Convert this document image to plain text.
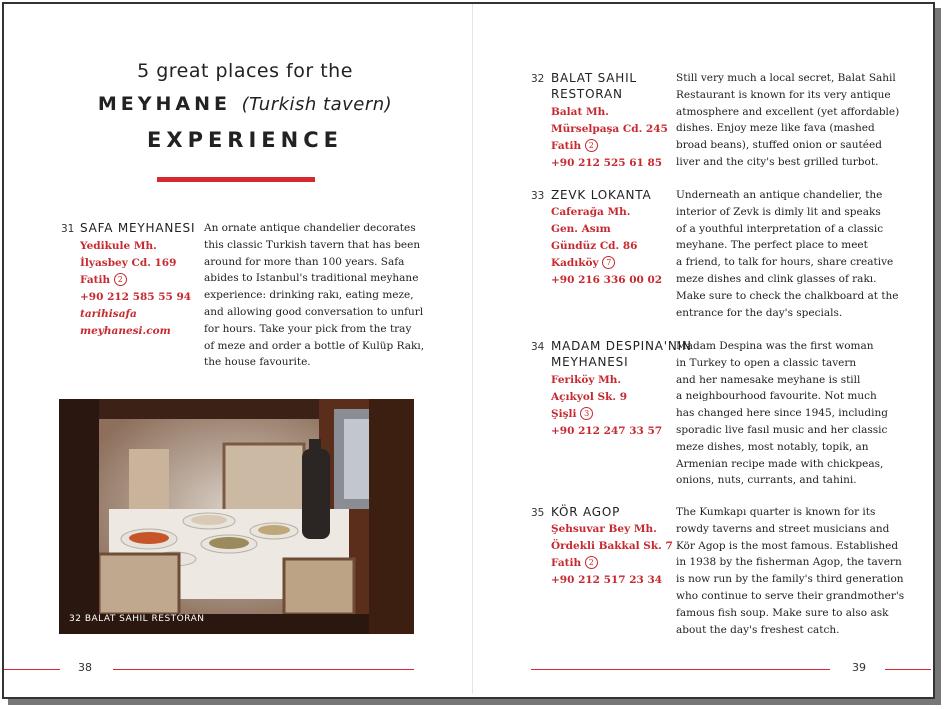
5 great places for the
MEYHANE (Turkish tavern)
EXPERIENCE
31 SAFA MEYHANESI
Yedikule Mh.
İlyasbey Cd. 169
Fatih 2
+90 212 585 55 94
tarihisafa
meyhanesi.com
An ornate antique chandelier decorates
this classic Turkish tavern that has been
around for more than 100 years. Safa
abides to Istanbul's traditional meyhane
experience: drinking rakı, eating meze,
and allowing good conversation to unfurl
for hours. Take your pick from the tray
of meze and order a bottle of Kulüp Rakı,
the house favourite.
32 BALAT SAHIL RESTORAN
32 BALAT SAHIL
RESTORAN
Balat Mh.
Mürselpaşa Cd. 245
Fatih 2
+90 212 525 61 85
Still very much a local secret, Balat Sahil
Restaurant is known for its very antique
atmosphere and excellent (yet affordable)
dishes. Enjoy meze like fava (mashed
broad beans), stuffed onion or sautéed
liver and the city's best grilled turbot.
33 ZEVK LOKANTA
Caferağa Mh.
Gen. Asım
Gündüz Cd. 86
Kadıköy 7
+90 216 336 00 02
Underneath an antique chandelier, the
interior of Zevk is dimly lit and speaks
of a youthful interpretation of a classic
meyhane. The perfect place to meet
a friend, to talk for hours, share creative
meze dishes and clink glasses of rakı.
Make sure to check the chalkboard at the
entrance for the day's specials.
34 MADAM DESPINA'NIN
MEYHANESI
Feriköy Mh.
Açıkyol Sk. 9
Şişli 3
+90 212 247 33 57
Madam Despina was the first woman
in Turkey to open a classic tavern
and her namesake meyhane is still
a neighbourhood favourite. Not much
has changed here since 1945, including
sporadic live fasıl music and her classic
meze dishes, most notably, topik, an
Armenian recipe made with chickpeas,
onions, nuts, currants, and tahini.
35 KÖR AGOP
Şehsuvar Bey Mh.
Ördekli Bakkal Sk. 7
Fatih 2
+90 212 517 23 34
The Kumkapı quarter is known for its
rowdy taverns and street musicians and
Kör Agop is the most famous. Established
in 1938 by the fisherman Agop, the tavern
is now run by the family's third generation
who continue to serve their grandmother's
famous fish soup. Make sure to also ask
about the day's freshest catch.
38	39
